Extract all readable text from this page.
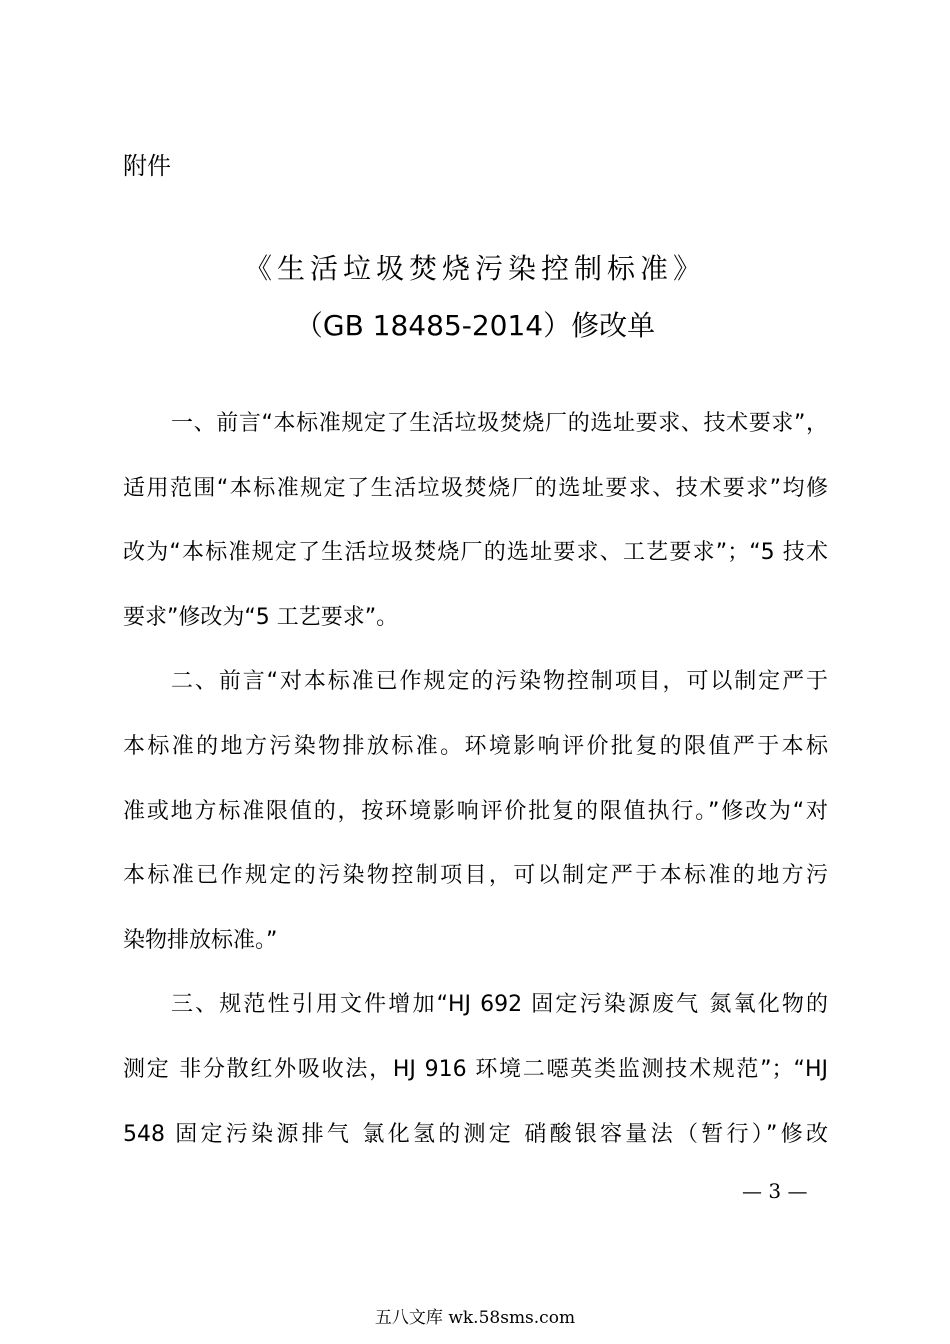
附件
《生活垃圾焚烧污染控制标准》
（GB 18485-2014）修改单
一、前言“本标准规定了生活垃圾焚烧厂的选址要求、技术要求”，
适用范围“本标准规定了生活垃圾焚烧厂的选址要求、技术要求”均修
改为“本标准规定了生活垃圾焚烧厂的选址要求、工艺要求”；“5 技术
要求”修改为“5 工艺要求”。
二、前言“对本标准已作规定的污染物控制项目，可以制定严于
本标准的地方污染物排放标准。环境影响评价批复的限值严于本标
准或地方标准限值的，按环境影响评价批复的限值执行。”修改为“对
本标准已作规定的污染物控制项目，可以制定严于本标准的地方污
染物排放标准。”
三、规范性引用文件增加“HJ 692 固定污染源废气 氮氧化物的
测定 非分散红外吸收法，HJ 916 环境二噁英类监测技术规范”；“HJ
548 固定污染源排气 氯化氢的测定 硝酸银容量法（暂行）”修改
— 3 —
五八文库 wk.58sms.com
